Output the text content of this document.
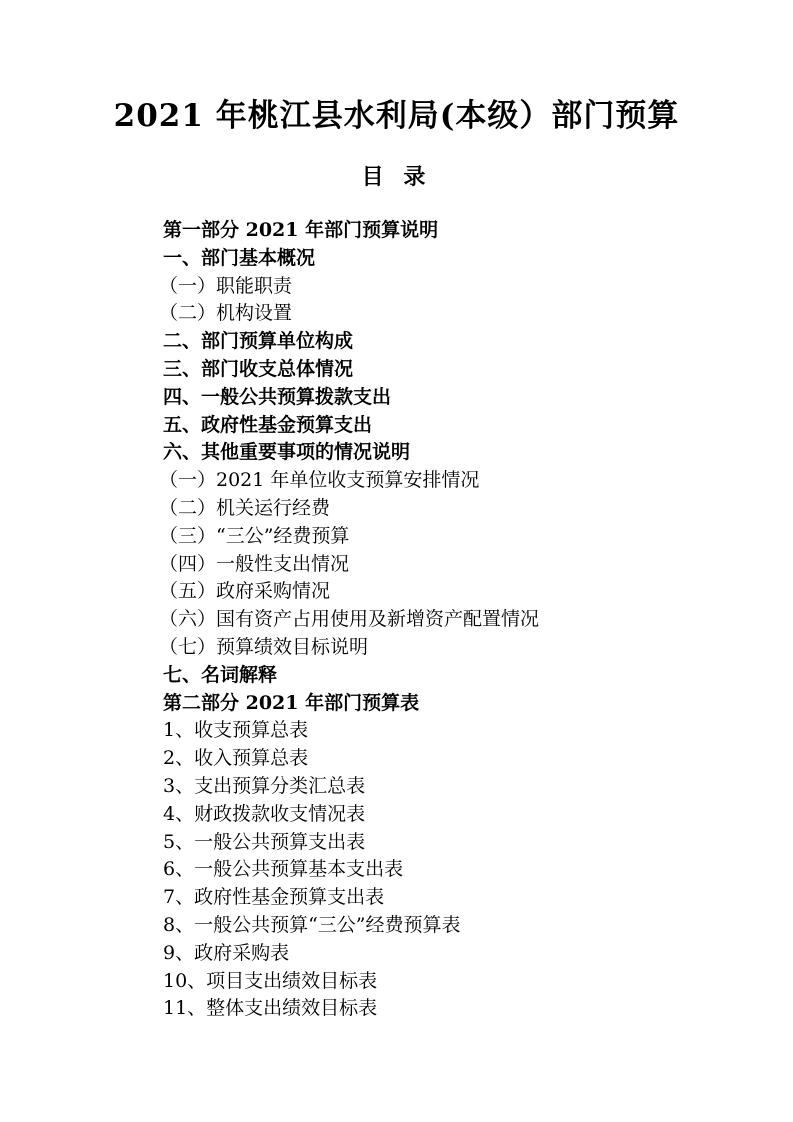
2021 年桃江县水利局(本级）部门预算
目 录
第一部分 2021 年部门预算说明
一、部门基本概况
（一）职能职责
（二）机构设置
二、部门预算单位构成
三、部门收支总体情况
四、一般公共预算拨款支出
五、政府性基金预算支出
六、其他重要事项的情况说明
（一）2021 年单位收支预算安排情况
（二）机关运行经费
（三）“三公”经费预算
（四）一般性支出情况
（五）政府采购情况
（六）国有资产占用使用及新增资产配置情况
（七）预算绩效目标说明
七、名词解释
第二部分 2021 年部门预算表
1、收支预算总表
2、收入预算总表
3、支出预算分类汇总表
4、财政拨款收支情况表
5、一般公共预算支出表
6、一般公共预算基本支出表
7、政府性基金预算支出表
8、一般公共预算“三公”经费预算表
9、政府采购表
10、项目支出绩效目标表
11、整体支出绩效目标表
